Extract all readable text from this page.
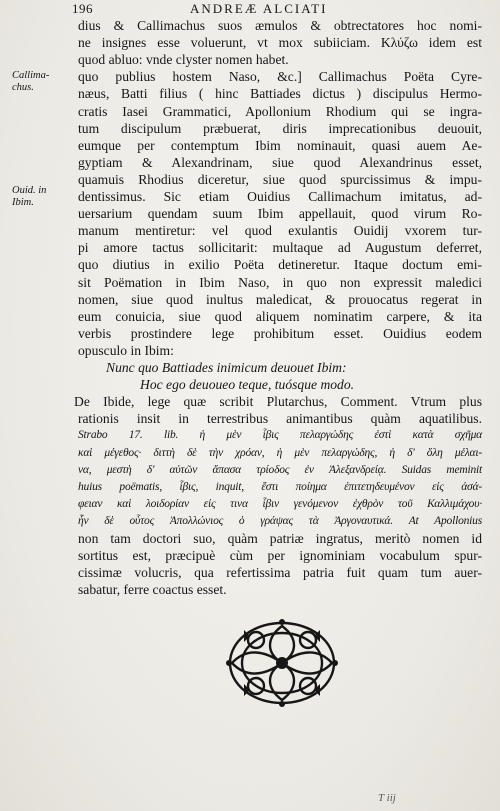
196	ANDREÆ ALCIATI
Callima- chus.
Ouid. in Ibim.
dius & Callimachus suos æmulos & obtrectatores hoc nomi-
ne insignes esse voluerunt, vt mox subiiciam. Κλύζω idem est
quod abluo: vnde clyster nomen habet.
quo publius hostem Naso, &c.] Callimachus Poëta Cyre-
næus, Batti filius ( hinc Battiades dictus ) discipulus Hermo-
cratis Iasei Grammatici, Apollonium Rhodium qui se ingra-
tum discipulum præbuerat, diris imprecationibus deuouit,
eumque per contemptum Ibim nominauit, quasi auem Ae-
gyptiam & Alexandrinam, siue quod Alexandrinus esset,
quamuis Rhodius diceretur, siue quod spurcissimus & impu-
dentissimus. Sic etiam Ouidius Callimachum imitatus, ad-
uersarium quendam suum Ibim appellauit, quod virum Ro-
manum mentiretur: vel quod exulantis Ouidij vxorem tur-
pi amore tactus sollicitarit: multaque ad Augustum deferret,
quo diutius in exilio Poëta detineretur. Itaque doctum emi-
sit Poëmation in Ibim Naso, in quo non expressit maledici
nomen, siue quod inultus maledicat, & prouocatus regerat in
eum conuicia, siue quod aliquem nominatim carpere, & ita
verbis prostindere lege prohibitum esset. Ouidius eodem
opusculo in Ibim:
Nunc quo Battiades inimicum deuouet Ibim:
Hoc ego deuoueo teque, tuósque modo.
De Ibide, lege quæ scribit Plutarchus, Comment. Vtrum plus
rationis insit in terrestribus animantibus quàm aquatilibus.
Strabo 17. lib. ἡ μὲν ἶβις πελαργώδης ἐστὶ κατὰ σχῆμα
καὶ μέγεθος· διττὴ δὲ τὴν χρόαν, ἡ μὲν πελαργώδης, ἡ δ' ὅλη μέλαι-
να, μεστὴ δ' αὐτῶν ἅπασα τρίοδος ἐν Ἀλεξανδρείᾳ. Suidas meminit
huius poëmatis, ἶβις, inquit, ἔστι ποίημα ἐπιτετηδευμένον εἰς ἀσά-
φειαν καὶ λοιδορίαν εἰς τινα ἶβιν γενόμενον ἐχθρὸν τοῦ Καλλιμάχου·
ἦν δὲ οὗτος Ἀπολλώνιος ὁ γράψας τὰ Ἀργοναυτικά. At Apollonius
non tam doctori suo, quàm patriæ ingratus, meritò nomen id
sortitus est, præcipuè cùm per ignominiam vocabulum spur-
cissimæ volucris, qua refertissima patria fuit quam tum auer-
sabatur, ferre coactus esset.
T iij
